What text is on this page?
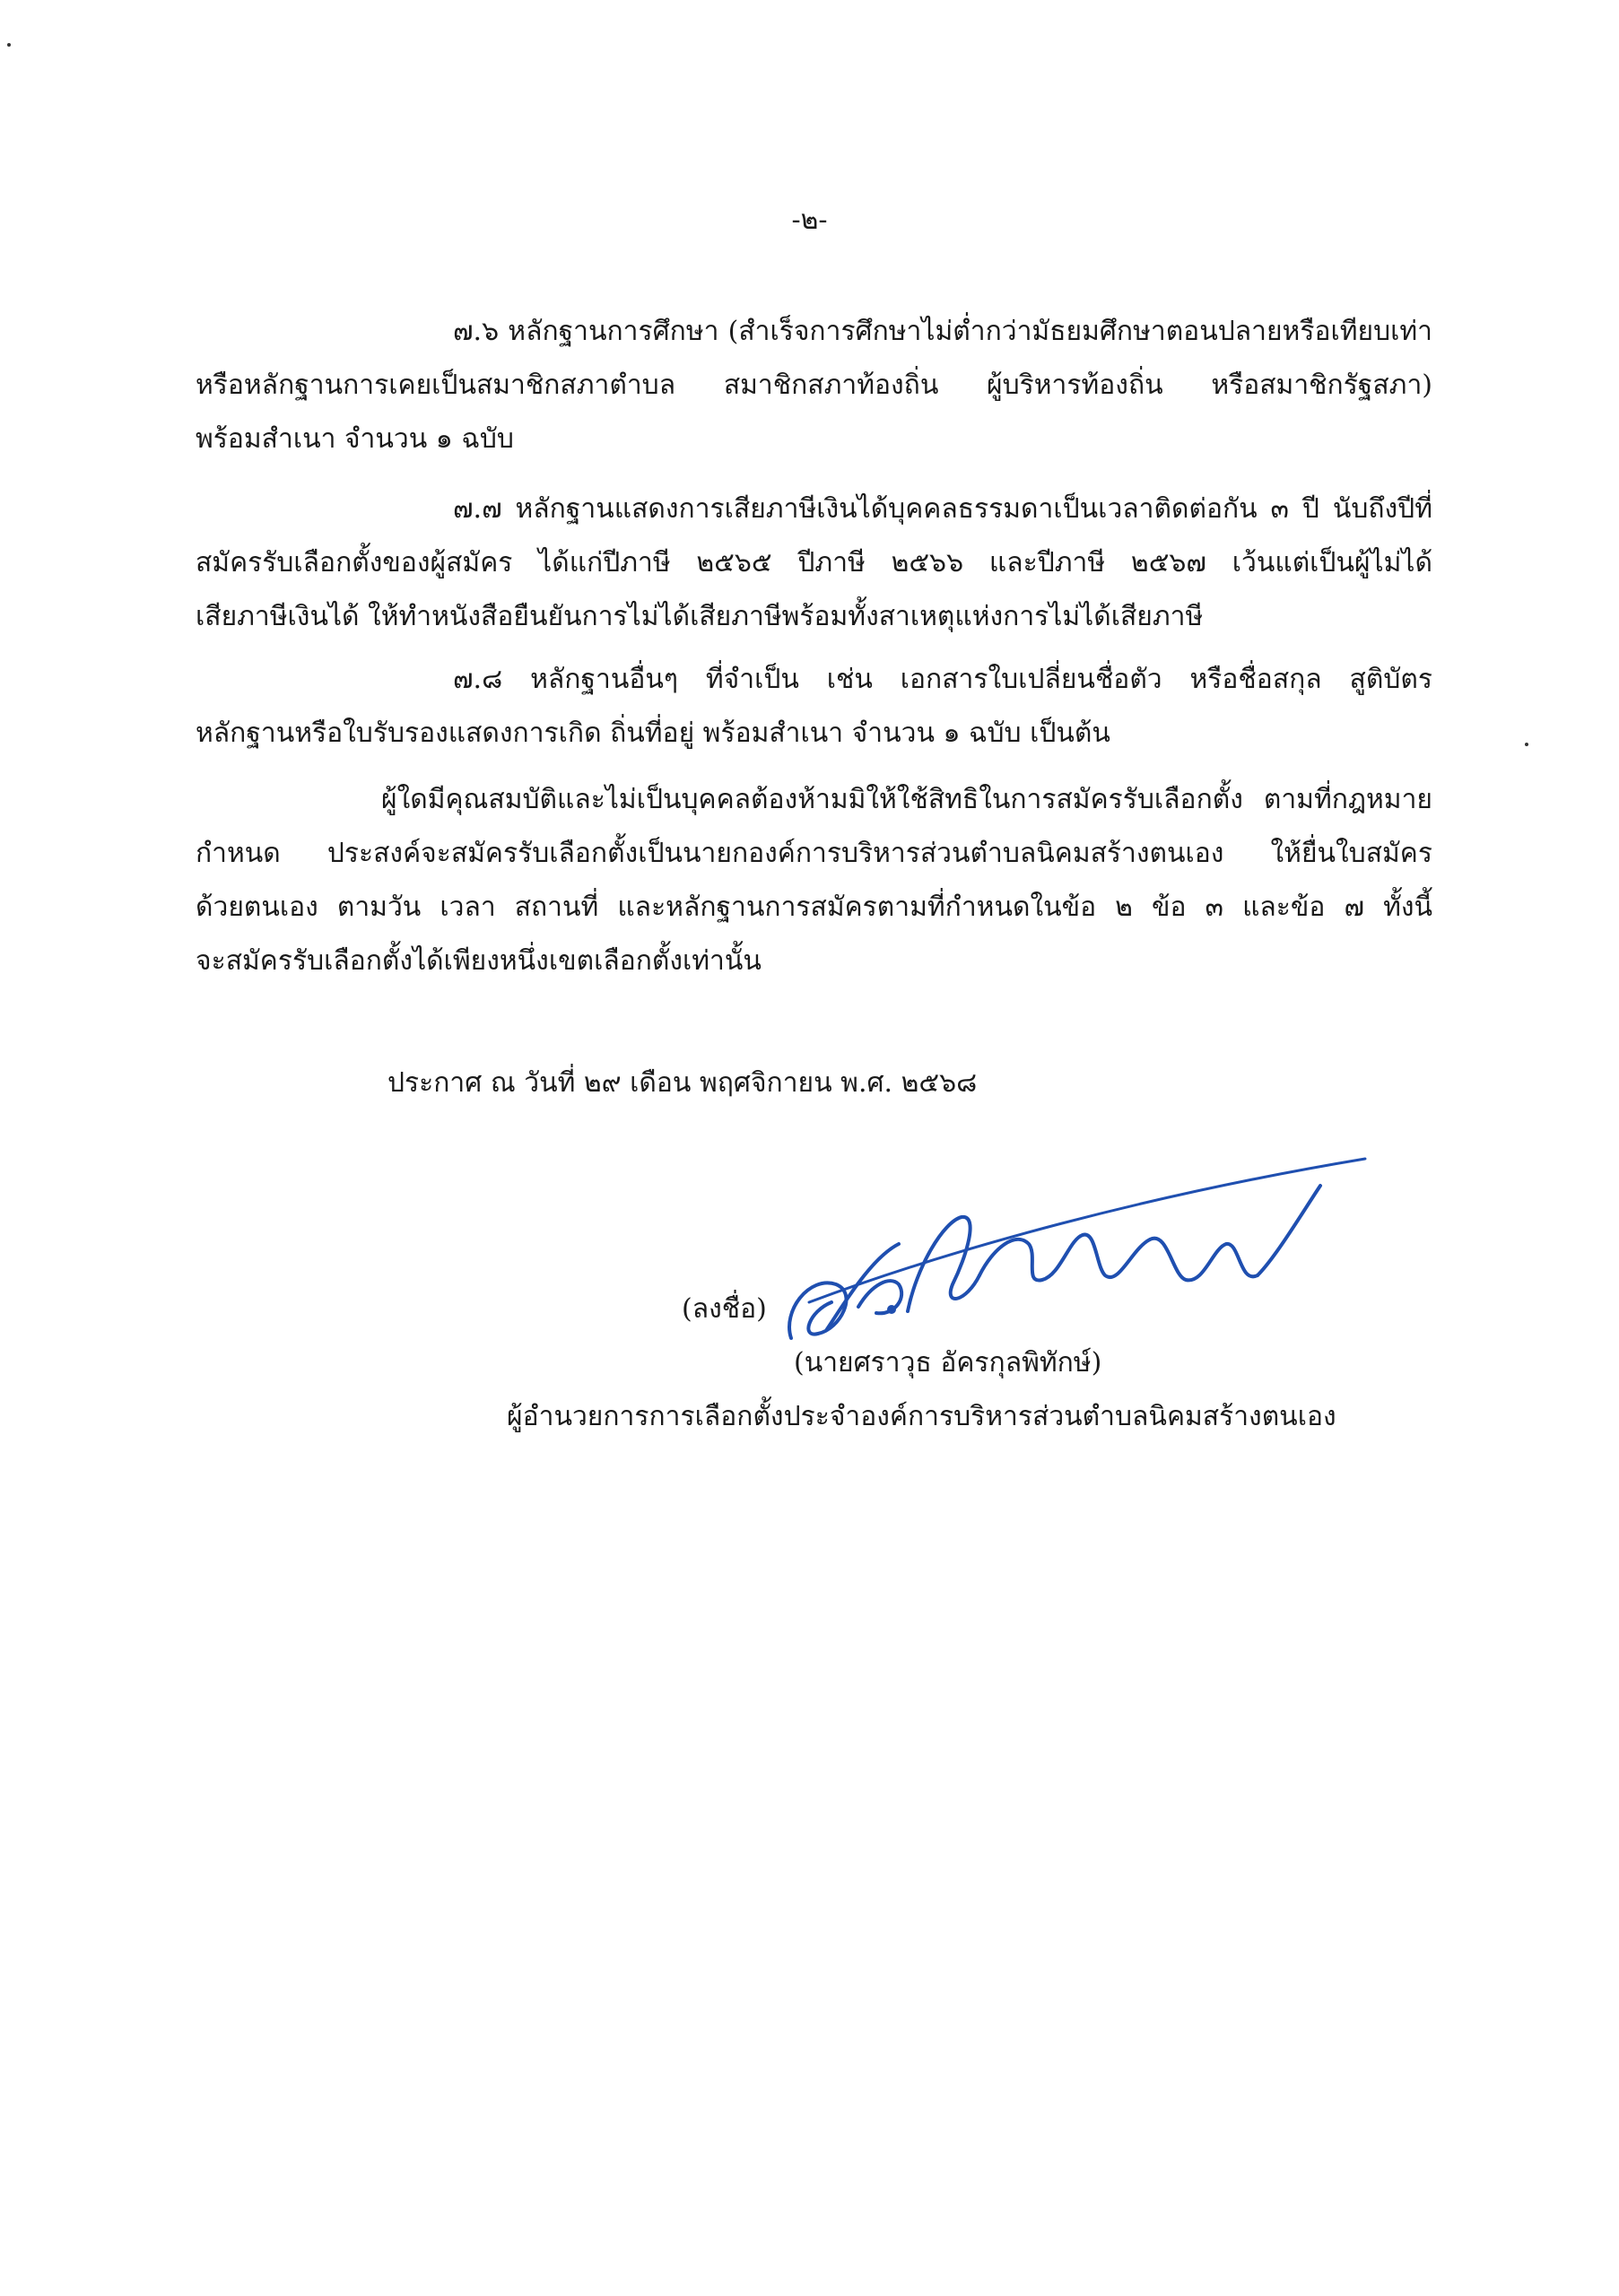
-๒-
๗.๖ หลักฐานการศึกษา (สำเร็จการศึกษาไม่ต่ำกว่ามัธยมศึกษาตอนปลายหรือเทียบเท่า
หรือหลักฐานการเคยเป็นสมาชิกสภาตำบล สมาชิกสภาท้องถิ่น ผู้บริหารท้องถิ่น หรือสมาชิกรัฐสภา)
พร้อมสำเนา จำนวน ๑ ฉบับ
๗.๗ หลักฐานแสดงการเสียภาษีเงินได้บุคคลธรรมดาเป็นเวลาติดต่อกัน ๓ ปี นับถึงปีที่
สมัครรับเลือกตั้งของผู้สมัคร ได้แก่ปีภาษี ๒๕๖๕ ปีภาษี ๒๕๖๖ และปีภาษี ๒๕๖๗ เว้นแต่เป็นผู้ไม่ได้
เสียภาษีเงินได้ ให้ทำหนังสือยืนยันการไม่ได้เสียภาษีพร้อมทั้งสาเหตุแห่งการไม่ได้เสียภาษี
๗.๘ หลักฐานอื่นๆ ที่จำเป็น เช่น เอกสารใบเปลี่ยนชื่อตัว หรือชื่อสกุล สูติบัตร
หลักฐานหรือใบรับรองแสดงการเกิด ถิ่นที่อยู่ พร้อมสำเนา จำนวน ๑ ฉบับ เป็นต้น
ผู้ใดมีคุณสมบัติและไม่เป็นบุคคลต้องห้ามมิให้ใช้สิทธิในการสมัครรับเลือกตั้ง ตามที่กฎหมาย
กำหนด ประสงค์จะสมัครรับเลือกตั้งเป็นนายกองค์การบริหารส่วนตำบลนิคมสร้างตนเอง ให้ยื่นใบสมัคร
ด้วยตนเอง ตามวัน เวลา สถานที่ และหลักฐานการสมัครตามที่กำหนดในข้อ ๒ ข้อ ๓ และข้อ ๗ ทั้งนี้
จะสมัครรับเลือกตั้งได้เพียงหนึ่งเขตเลือกตั้งเท่านั้น
ประกาศ ณ วันที่ ๒๙ เดือน พฤศจิกายน พ.ศ. ๒๕๖๘
(ลงชื่อ)
(นายศราวุธ อัครกุลพิทักษ์)
ผู้อำนวยการการเลือกตั้งประจำองค์การบริหารส่วนตำบลนิคมสร้างตนเอง
